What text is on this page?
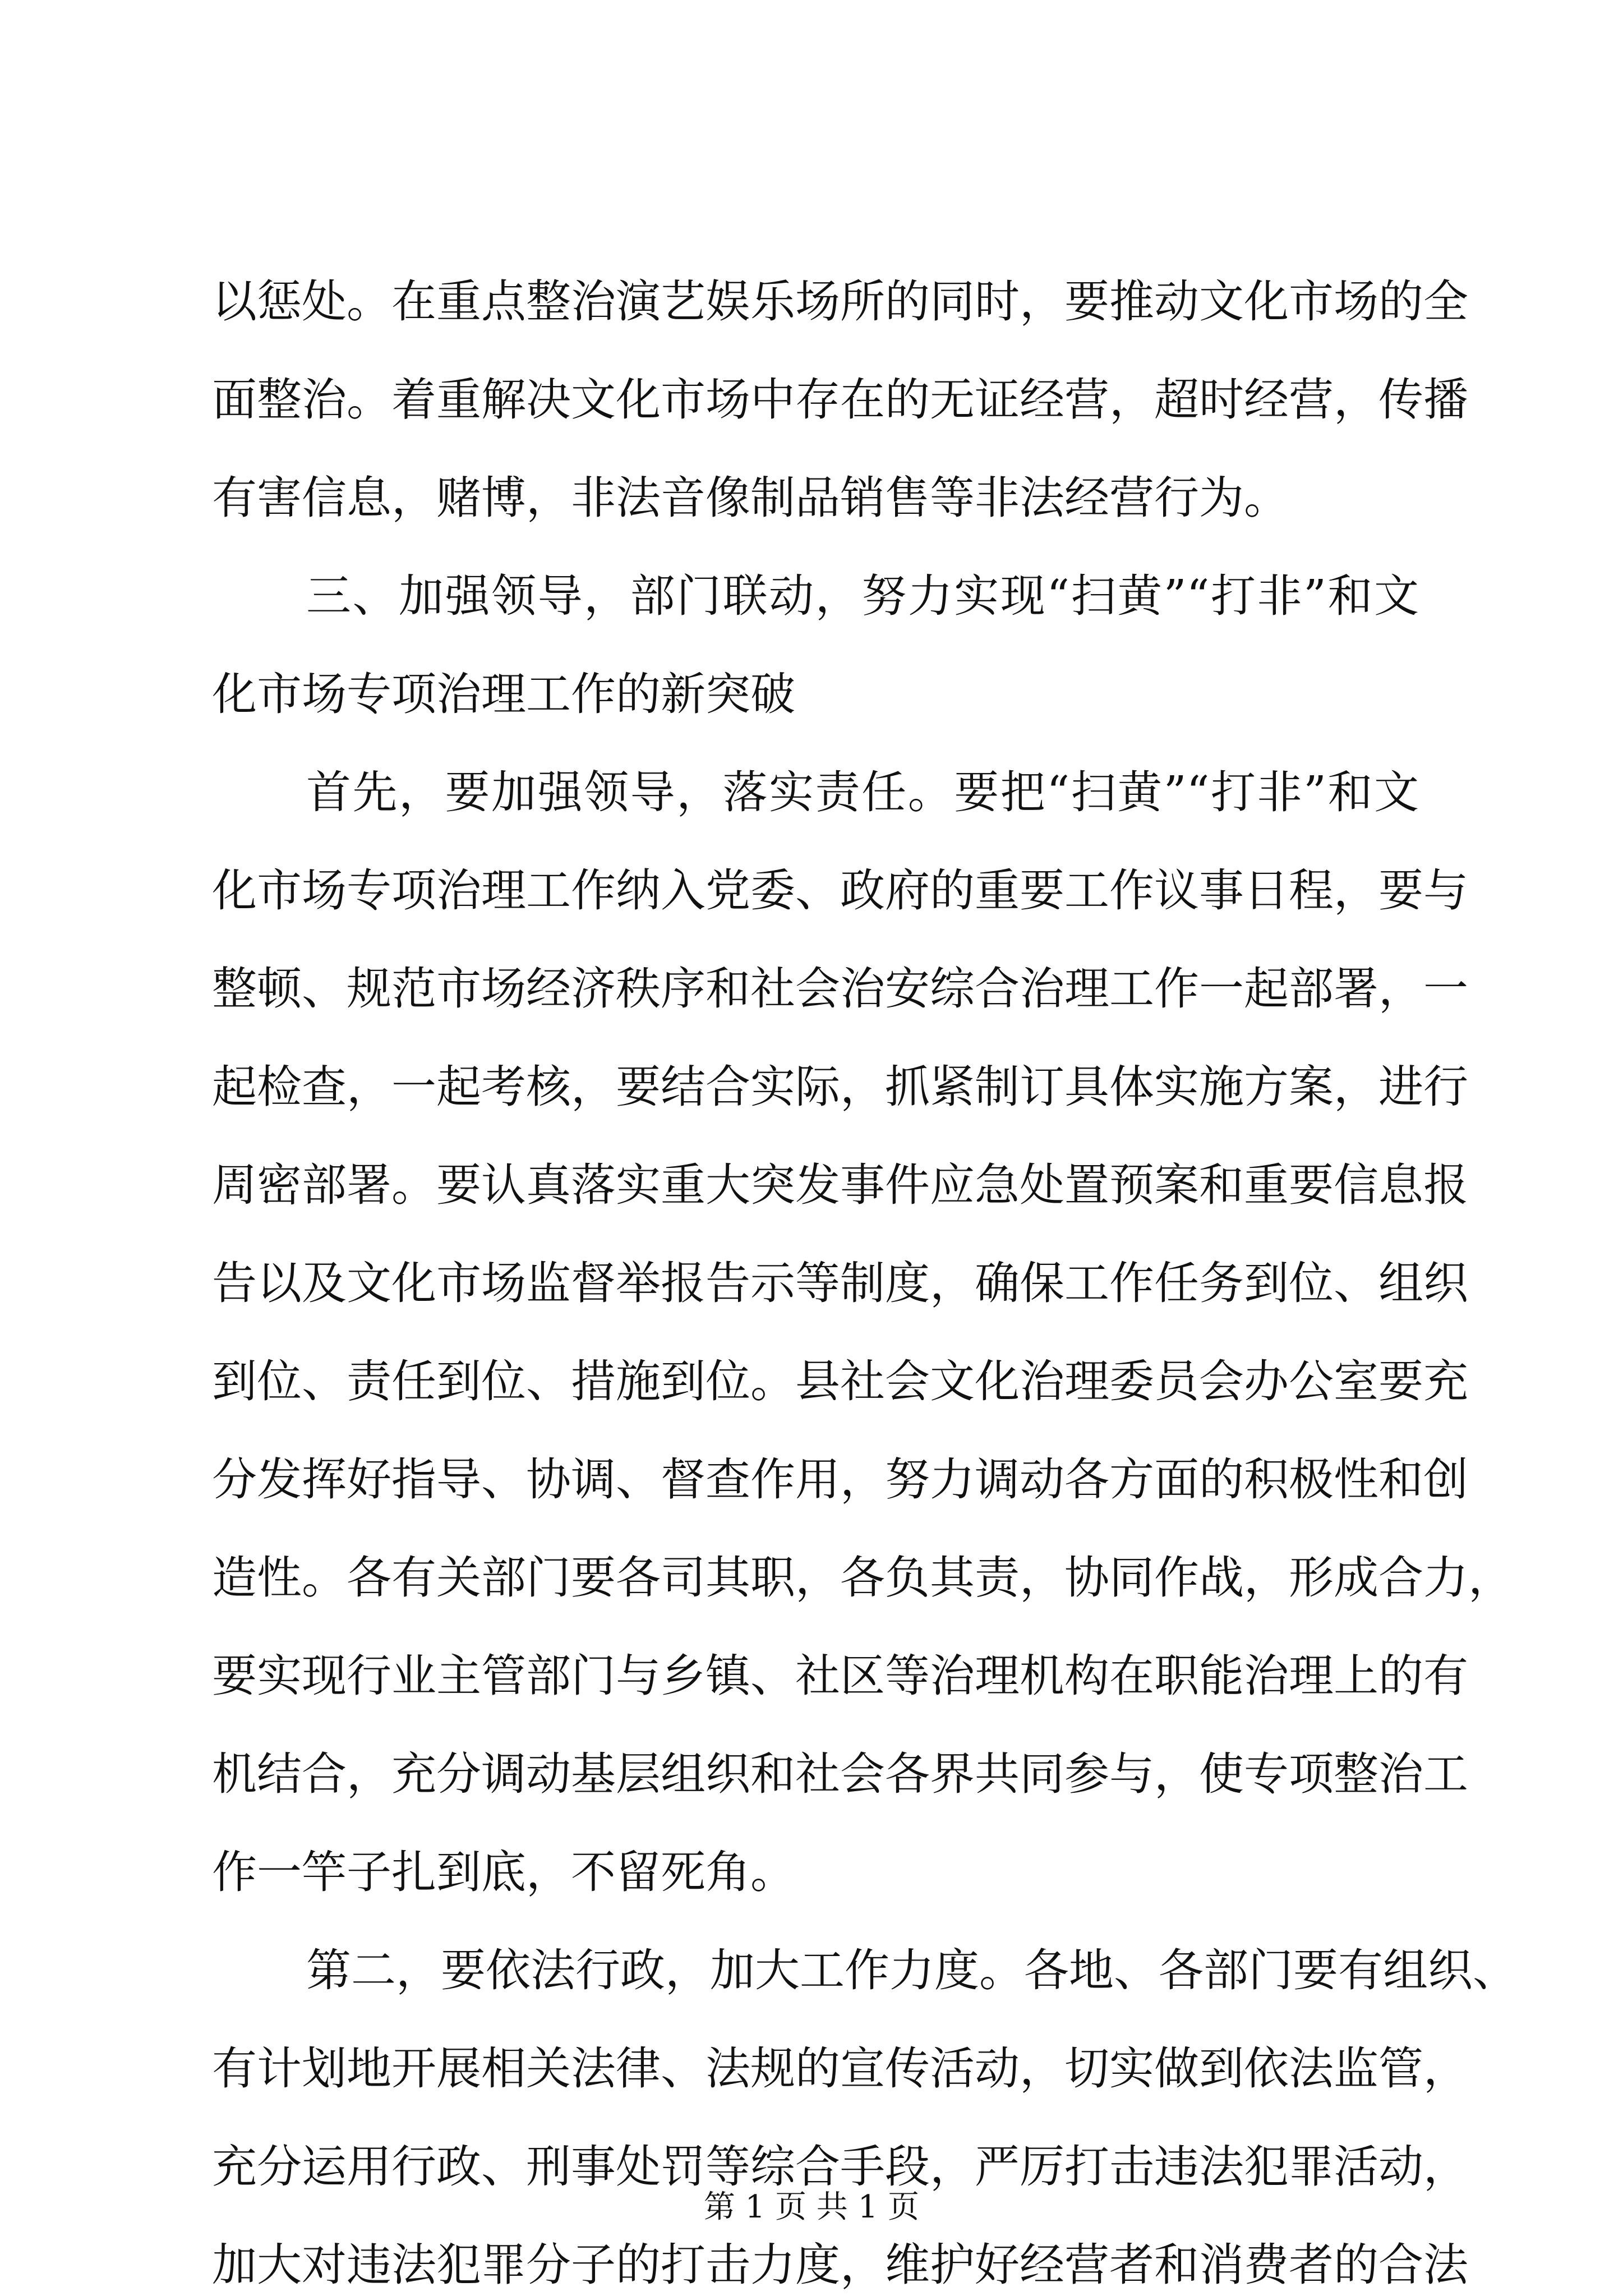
以惩处。在重点整治演艺娱乐场所的同时，要推动文化市场的全
面整治。着重解决文化市场中存在的无证经营，超时经营，传播
有害信息，赌博，非法音像制品销售等非法经营行为。
三、加强领导，部门联动，努力实现“扫黄”“打非”和文
化市场专项治理工作的新突破
首先，要加强领导，落实责任。要把“扫黄”“打非”和文
化市场专项治理工作纳入党委、政府的重要工作议事日程，要与
整顿、规范市场经济秩序和社会治安综合治理工作一起部署，一
起检查，一起考核，要结合实际，抓紧制订具体实施方案，进行
周密部署。要认真落实重大突发事件应急处置预案和重要信息报
告以及文化市场监督举报告示等制度，确保工作任务到位、组织
到位、责任到位、措施到位。县社会文化治理委员会办公室要充
分发挥好指导、协调、督查作用，努力调动各方面的积极性和创
造性。各有关部门要各司其职，各负其责，协同作战，形成合力，
要实现行业主管部门与乡镇、社区等治理机构在职能治理上的有
机结合，充分调动基层组织和社会各界共同参与，使专项整治工
作一竿子扎到底，不留死角。
第二，要依法行政，加大工作力度。各地、各部门要有组织、
有计划地开展相关法律、法规的宣传活动，切实做到依法监管，
充分运用行政、刑事处罚等综合手段，严厉打击违法犯罪活动，
加大对违法犯罪分子的打击力度，维护好经营者和消费者的合法
第 1 页 共 1 页
